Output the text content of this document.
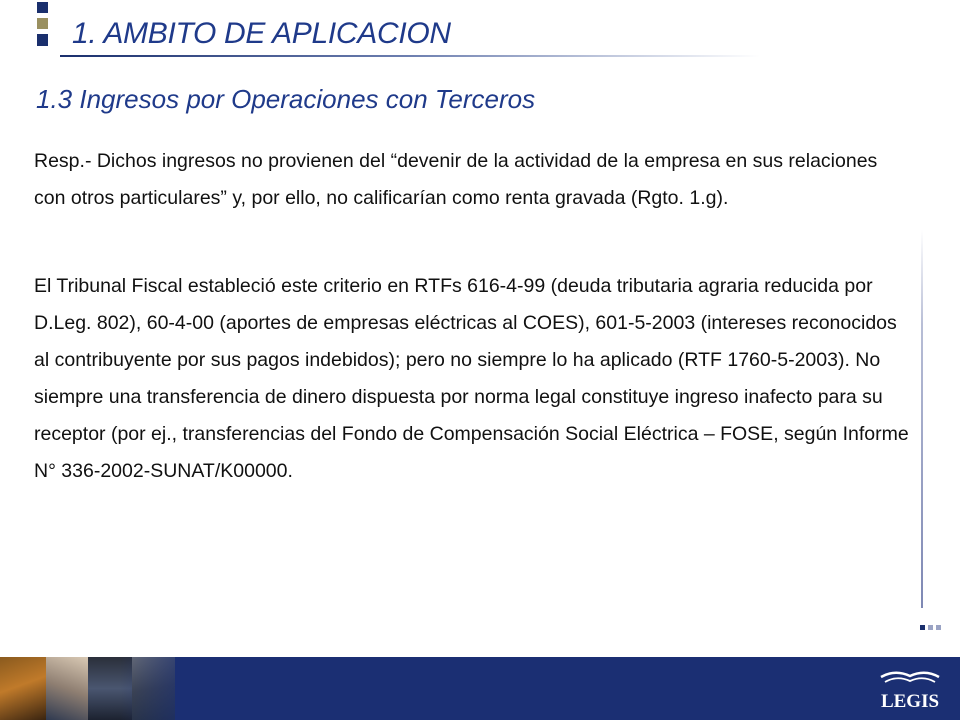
1. AMBITO DE APLICACION
1.3 Ingresos por Operaciones con Terceros

Resp.- Dichos ingresos no provienen del “devenir de la actividad de la empresa en sus relaciones con otros particulares” y, por ello, no calificarían como renta gravada (Rgto. 1.g).

El Tribunal Fiscal estableció este criterio en RTFs 616-4-99 (deuda tributaria agraria reducida por D.Leg. 802), 60-4-00 (aportes de empresas eléctricas al COES), 601-5-2003 (intereses reconocidos al contribuyente por sus pagos indebidos); pero no siempre lo ha aplicado (RTF 1760-5-2003). No siempre una transferencia de dinero dispuesta por norma legal constituye ingreso inafecto para su receptor (por ej., transferencias del Fondo de Compensación Social Eléctrica – FOSE, según Informe N° 336-2002-SUNAT/K00000.

LEGIS
